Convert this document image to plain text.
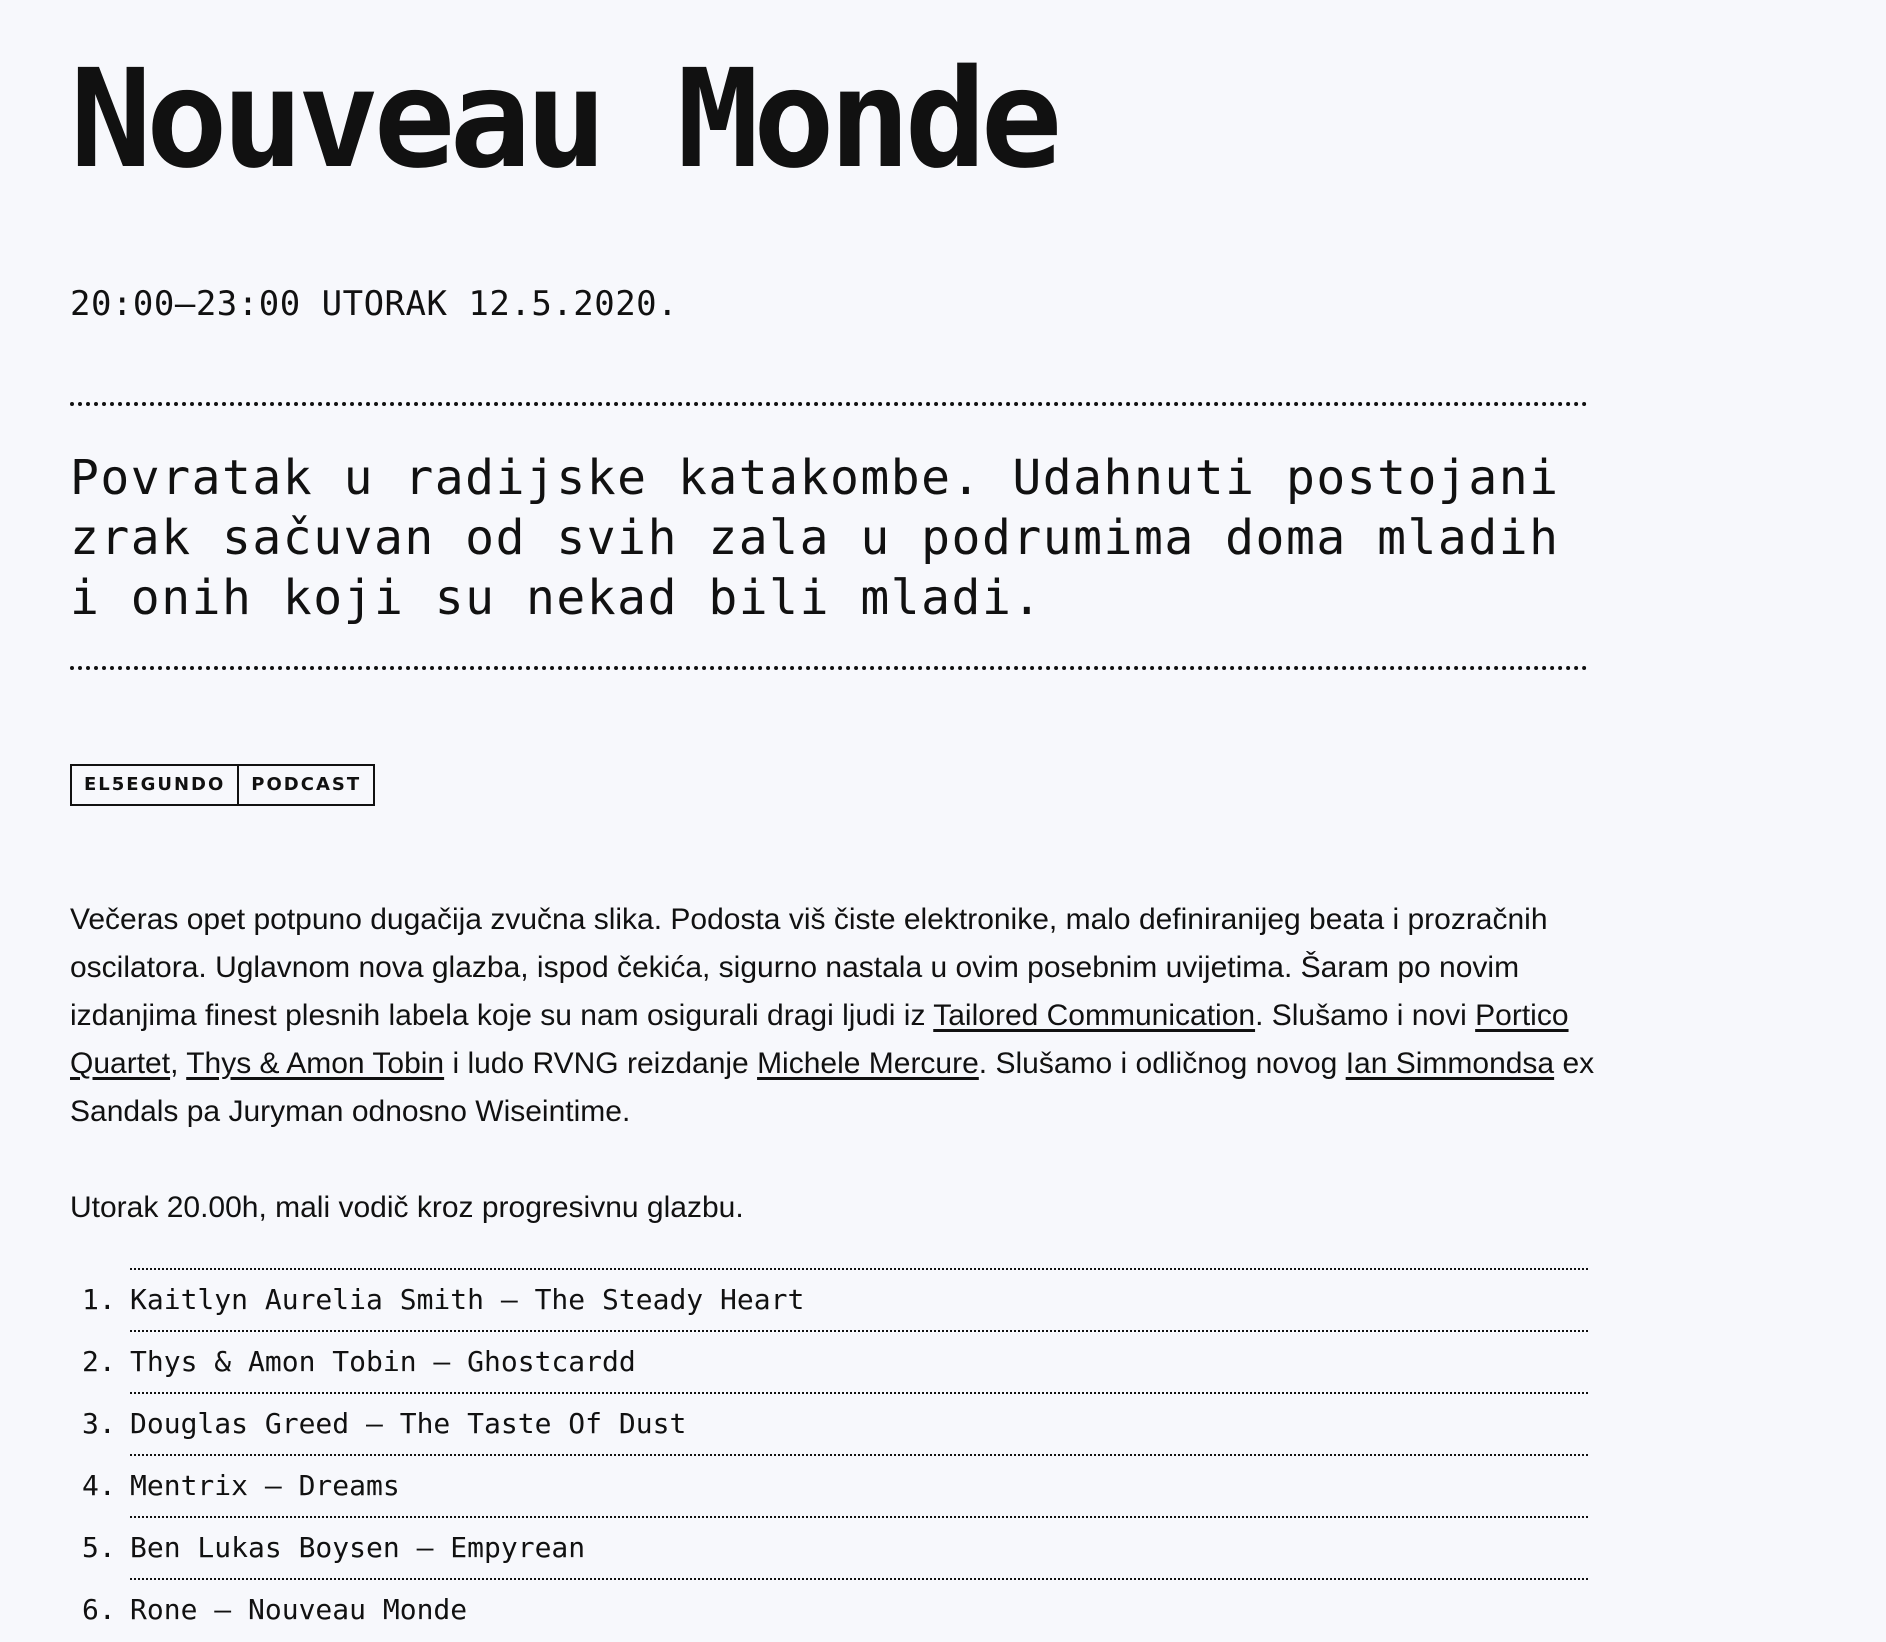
Nouveau Monde
20:00–23:00 UTORAK 12.5.2020.

Povratak u radijske katakombe. Udahnuti postojani zrak sačuvan od svih zala u podrumima doma mladih i onih koji su nekad bili mladi.

EL5EGUNDO	PODCAST

Večeras opet potpuno dugačija zvučna slika. Podosta viš čiste elektronike, malo definiranijeg beata i prozračnih oscilatora. Uglavnom nova glazba, ispod čekića, sigurno nastala u ovim posebnim uvijetima. Šaram po novim izdanjima finest plesnih labela koje su nam osigurali dragi ljudi iz Tailored Communication. Slušamo i novi Portico Quartet, Thys & Amon Tobin i ludo RVNG reizdanje Michele Mercure. Slušamo i odličnog novog Ian Simmondsa ex Sandals pa Juryman odnosno Wiseintime.

Utorak 20.00h, mali vodič kroz progresivnu glazbu.

1. Kaitlyn Aurelia Smith – The Steady Heart
2. Thys & Amon Tobin – Ghostcardd
3. Douglas Greed – The Taste Of Dust
4. Mentrix – Dreams
5. Ben Lukas Boysen – Empyrean
6. Rone – Nouveau Monde
